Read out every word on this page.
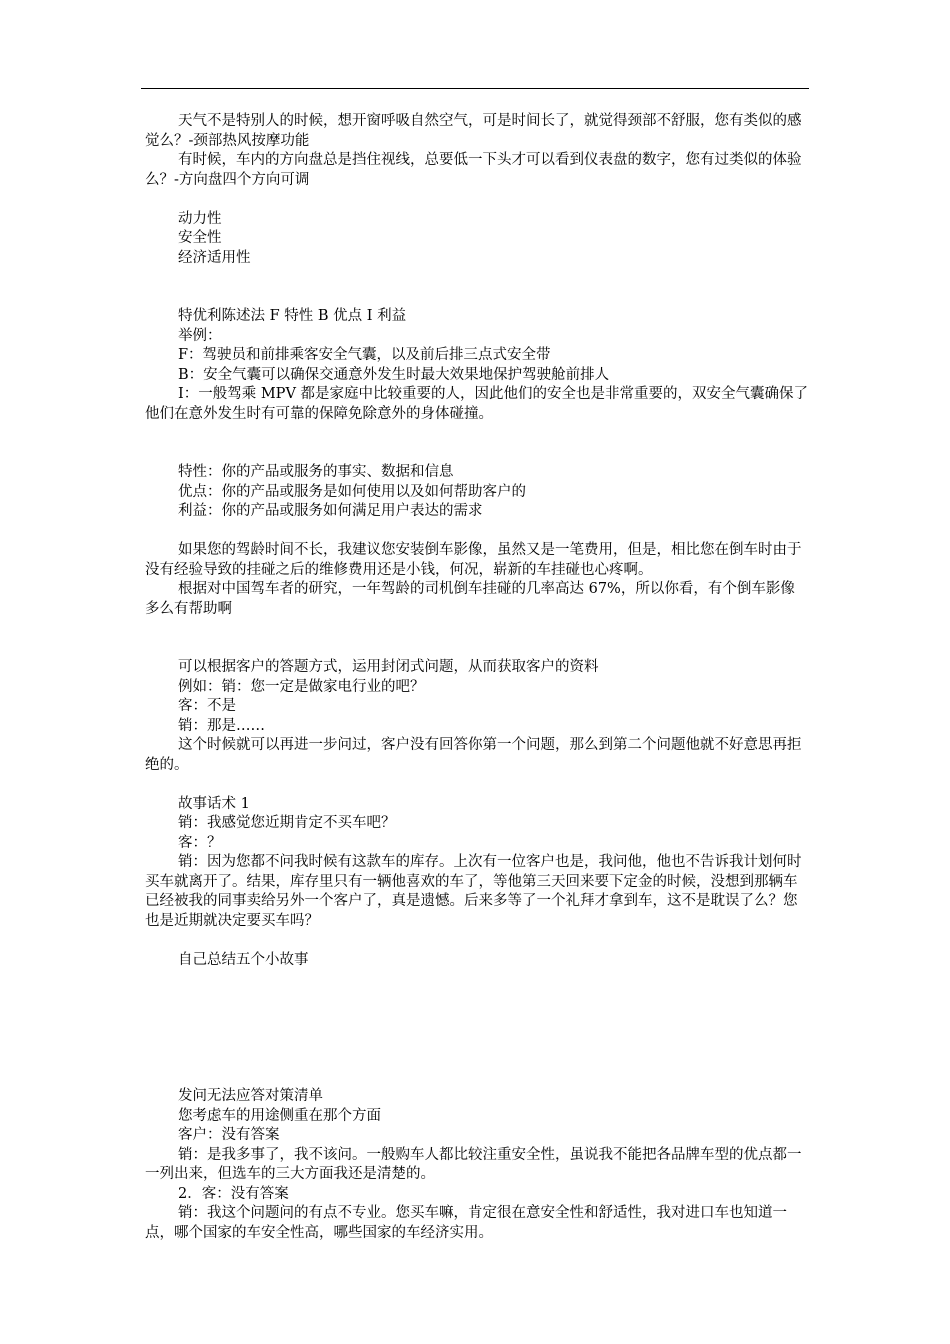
天气不是特别人的时候，想开窗呼吸自然空气，可是时间长了，就觉得颈部不舒服，您有类似的感觉么？-颈部热风按摩功能

有时候，车内的方向盘总是挡住视线，总要低一下头才可以看到仪表盘的数字，您有过类似的体验么？-方向盘四个方向可调

动力性

安全性

经济适用性

特优利陈述法 F 特性 B 优点 I 利益

举例：

F：驾驶员和前排乘客安全气囊，以及前后排三点式安全带

B：安全气囊可以确保交通意外发生时最大效果地保护驾驶舱前排人

I：一般驾乘 MPV 都是家庭中比较重要的人，因此他们的安全也是非常重要的，双安全气囊确保了他们在意外发生时有可靠的保障免除意外的身体碰撞。

特性：你的产品或服务的事实、数据和信息

优点：你的产品或服务是如何使用以及如何帮助客户的

利益：你的产品或服务如何满足用户表达的需求

如果您的驾龄时间不长，我建议您安装倒车影像，虽然又是一笔费用，但是，相比您在倒车时由于没有经验导致的挂碰之后的维修费用还是小钱，何况，崭新的车挂碰也心疼啊。

根据对中国驾车者的研究，一年驾龄的司机倒车挂碰的几率高达 67%，所以你看，有个倒车影像多么有帮助啊

可以根据客户的答题方式，运用封闭式问题，从而获取客户的资料

例如：销：您一定是做家电行业的吧？

客：不是

销：那是……

这个时候就可以再进一步问过，客户没有回答你第一个问题，那么到第二个问题他就不好意思再拒绝的。

故事话术 1

销：我感觉您近期肯定不买车吧？

客：？

销：因为您都不问我时候有这款车的库存。上次有一位客户也是，我问他，他也不告诉我计划何时买车就离开了。结果，库存里只有一辆他喜欢的车了，等他第三天回来要下定金的时候，没想到那辆车已经被我的同事卖给另外一个客户了，真是遗憾。后来多等了一个礼拜才拿到车，这不是耽误了么？您也是近期就决定要买车吗？

自己总结五个小故事

发问无法应答对策清单

您考虑车的用途侧重在那个方面

客户：没有答案

销：是我多事了，我不该问。一般购车人都比较注重安全性，虽说我不能把各品牌车型的优点都一一列出来，但选车的三大方面我还是清楚的。

2．客：没有答案

销：我这个问题问的有点不专业。您买车嘛，肯定很在意安全性和舒适性，我对进口车也知道一点，哪个国家的车安全性高，哪些国家的车经济实用。
